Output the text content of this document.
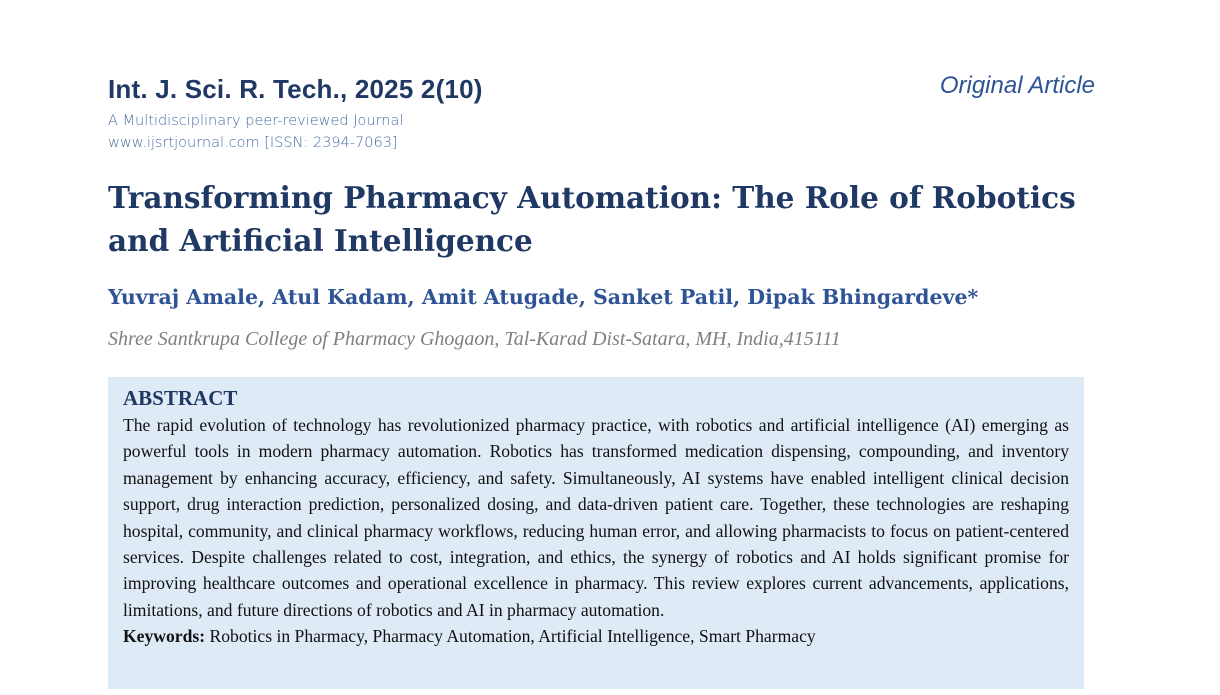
Int. J. Sci. R. Tech., 2025 2(10)
A Multidisciplinary peer-reviewed Journal
www.ijsrtjournal.com [ISSN: 2394-7063]
Original Article
Transforming Pharmacy Automation: The Role of Robotics and Artificial Intelligence
Yuvraj Amale, Atul Kadam, Amit Atugade, Sanket Patil, Dipak Bhingardeve*
Shree Santkrupa College of Pharmacy Ghogaon, Tal-Karad Dist-Satara, MH, India,415111
ABSTRACT

The rapid evolution of technology has revolutionized pharmacy practice, with robotics and artificial intelligence (AI) emerging as powerful tools in modern pharmacy automation. Robotics has transformed medication dispensing, compounding, and inventory management by enhancing accuracy, efficiency, and safety. Simultaneously, AI systems have enabled intelligent clinical decision support, drug interaction prediction, personalized dosing, and data-driven patient care. Together, these technologies are reshaping hospital, community, and clinical pharmacy workflows, reducing human error, and allowing pharmacists to focus on patient-centered services. Despite challenges related to cost, integration, and ethics, the synergy of robotics and AI holds significant promise for improving healthcare outcomes and operational excellence in pharmacy. This review explores current advancements, applications, limitations, and future directions of robotics and AI in pharmacy automation.

Keywords: Robotics in Pharmacy, Pharmacy Automation, Artificial Intelligence, Smart Pharmacy
